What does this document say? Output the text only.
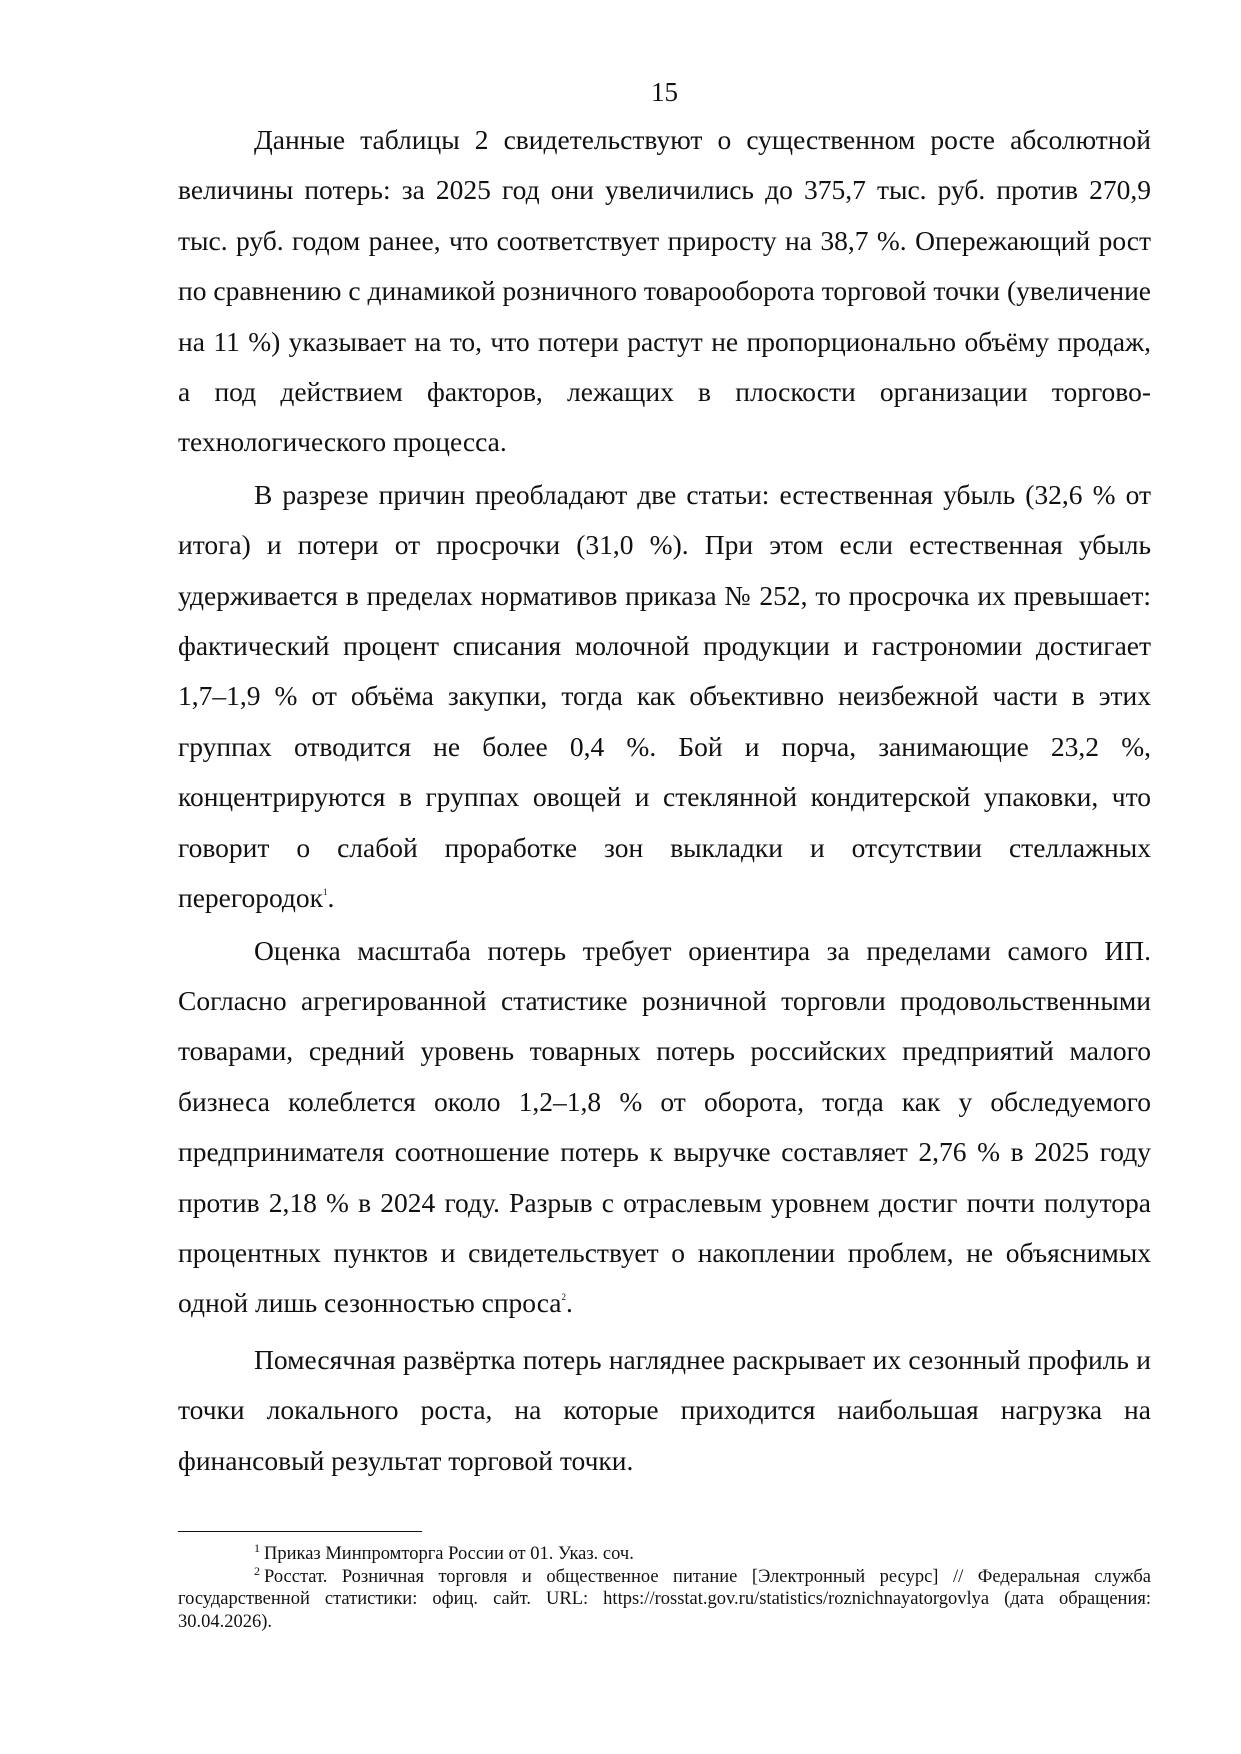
15

Данные таблицы 2 свидетельствуют о существенном росте абсолютной величины потерь: за 2025 год они увеличились до 375,7 тыс. руб. против 270,9 тыс. руб. годом ранее, что соответствует приросту на 38,7 %. Опережающий рост по сравнению с динамикой розничного товарооборота торговой точки (увеличение на 11 %) указывает на то, что потери растут не пропорционально объёму продаж, а под действием факторов, лежащих в плоскости организации торгово-технологического процесса.

В разрезе причин преобладают две статьи: естественная убыль (32,6 % от итога) и потери от просрочки (31,0 %). При этом если естественная убыль удерживается в пределах нормативов приказа № 252, то просрочка их превышает: фактический процент списания молочной продукции и гастрономии достигает 1,7–1,9 % от объёма закупки, тогда как объективно неизбежной части в этих группах отводится не более 0,4 %. Бой и порча, занимающие 23,2 %, концентрируются в группах овощей и стеклянной кондитерской упаковки, что говорит о слабой проработке зон выкладки и отсутствии стеллажных перегородок$^1$.

Оценка масштаба потерь требует ориентира за пределами самого ИП. Согласно агрегированной статистике розничной торговли продовольственными товарами, средний уровень товарных потерь российских предприятий малого бизнеса колеблется около 1,2–1,8 % от оборота, тогда как у обследуемого предпринимателя соотношение потерь к выручке составляет 2,76 % в 2025 году против 2,18 % в 2024 году. Разрыв с отраслевым уровнем достиг почти полутора процентных пунктов и свидетельствует о накоплении проблем, не объяснимых одной лишь сезонностью спроса$^2$.

Помесячная развёртка потерь нагляднее раскрывает их сезонный профиль и точки локального роста, на которые приходится наибольшая нагрузка на финансовый результат торговой точки.

$^1$ Приказ Минпромторга России от 01. Указ. соч.

$^2$ Росстат. Розничная торговля и общественное питание [Электронный ресурс] // Федеральная служба государственной статистики: офиц. сайт. URL: https://rosstat.gov.ru/statistics/roznichnayatorgovlya (дата обращения: 30.04.2026).
